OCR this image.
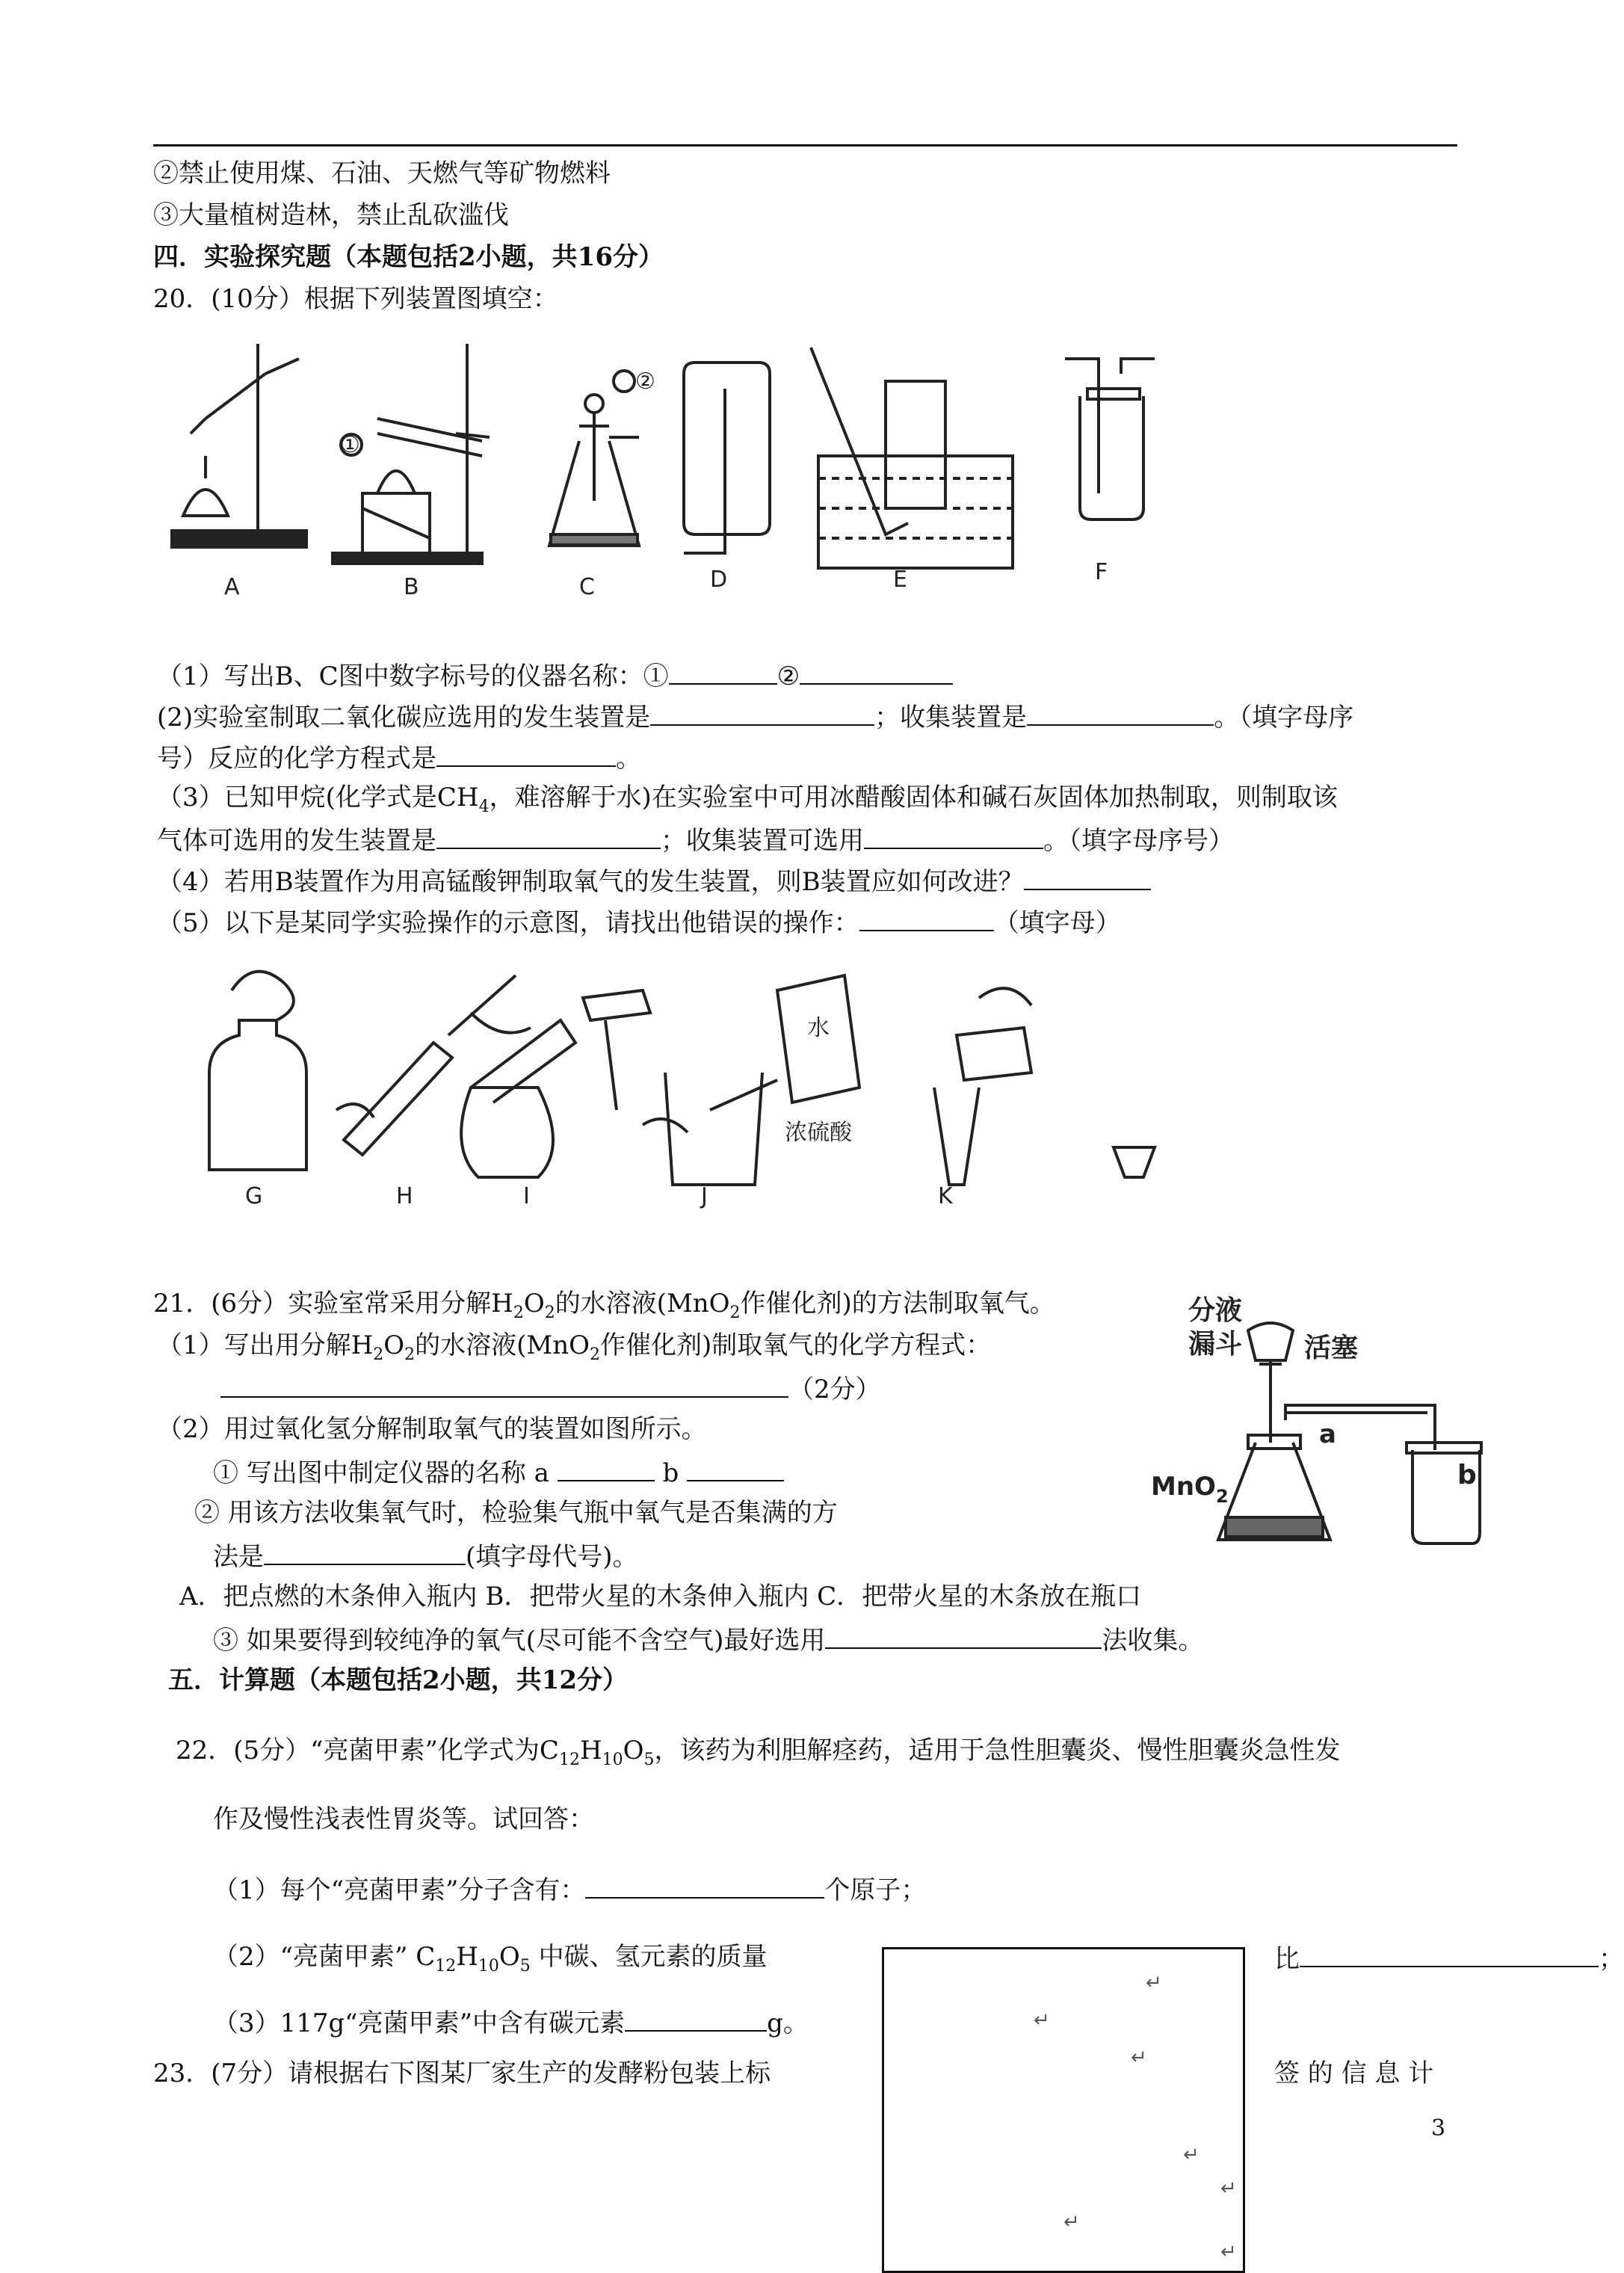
②禁止使用煤、石油、天燃气等矿物燃料
③大量植树造林，禁止乱砍滥伐
四．实验探究题（本题包括2小题，共16分）
20．(10分）根据下列装置图填空：
A	B	C	D	E	F
①
②
（1）写出B、C图中数字标号的仪器名称：①	②
(2)实验室制取二氧化碳应选用的发生装置是	；收集装置是	。（填字母序
号）反应的化学方程式是	。
（3）已知甲烷(化学式是$CH_4$，难溶解于水)在实验室中可用冰醋酸固体和碱石灰固体加热制取，则制取该
气体可选用的发生装置是	；收集装置可选用	。（填字母序号）
（4）若用B装置作为用高锰酸钾制取氧气的发生装置，则B装置应如何改进？
（5）以下是某同学实验操作的示意图，请找出他错误的操作：	（填字母）
G	H	I	J	K
水
浓硫酸
21．(6分）实验室常采用分解$H_2O_2$的水溶液(MnO$_2$作催化剂)的方法制取氧气。
（1）写出用分解$H_2O_2$的水溶液(MnO$_2$作催化剂)制取氧气的化学方程式：
（2分）
（2）用过氧化氢分解制取氧气的装置如图所示。
① 写出图中制定仪器的名称 a	b
② 用该方法收集氧气时，检验集气瓶中氧气是否集满的方
法是	(填字母代号)。
A．把点燃的木条伸入瓶内 B．把带火星的木条伸入瓶内 C．把带火星的木条放在瓶口
③ 如果要得到较纯净的氧气(尽可能不含空气)最好选用	法收集。
分液
漏斗 活塞
a
b
MnO$_2$
五．计算题（本题包括2小题，共12分）
22．(5分）“亮菌甲素”化学式为$C_{12}H_{10}O_5$，该药为利胆解痉药，适用于急性胆囊炎、慢性胆囊炎急性发
作及慢性浅表性胃炎等。试回答：
（1）每个“亮菌甲素”分子含有：	个原子；
（2）“亮菌甲素” $C_{12}H_{10}O_5$ 中碳、氢元素的质量	比	；
（3）117g“亮菌甲素”中含有碳元素	g。
23．(7分）请根据右下图某厂家生产的发酵粉包装上标	签 的 信 息 计
↵
↵
↵
↵
↵
↵
↵
3
